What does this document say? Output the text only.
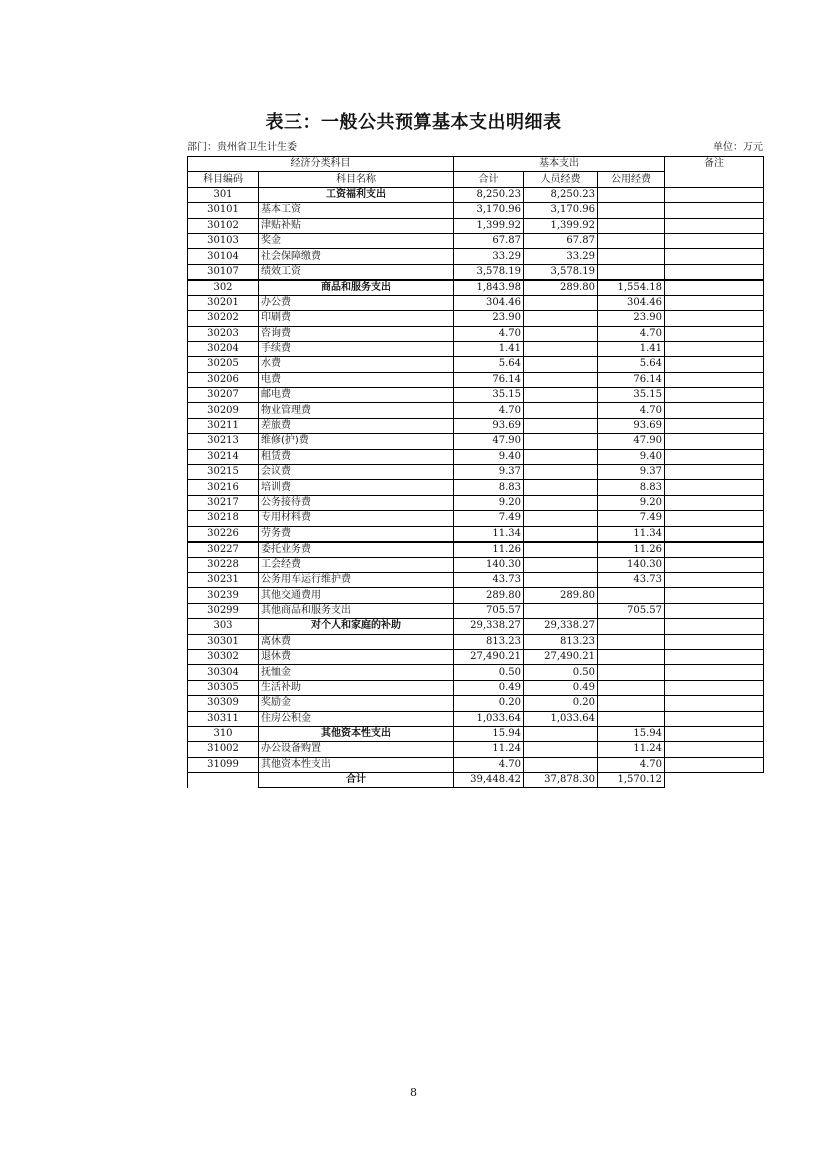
表三：一般公共预算基本支出明细表
部门：贵州省卫生计生委	单位：万元
经济分类科目		基本支出			备注
科目编码	科目名称	合计	人员经费	公用经费	
301	工资福利支出	8,250.23	8,250.23		
30101	基本工资	3,170.96	3,170.96		
30102	津贴补贴	1,399.92	1,399.92		
30103	奖金	67.87	67.87		
30104	社会保障缴费	33.29	33.29		
30107	绩效工资	3,578.19	3,578.19		
302	商品和服务支出	1,843.98	289.80	1,554.18	
30201	办公费	304.46		304.46	
30202	印刷费	23.90		23.90	
30203	咨询费	4.70		4.70	
30204	手续费	1.41		1.41	
30205	水费	5.64		5.64	
30206	电费	76.14		76.14	
30207	邮电费	35.15		35.15	
30209	物业管理费	4.70		4.70	
30211	差旅费	93.69		93.69	
30213	维修(护)费	47.90		47.90	
30214	租赁费	9.40		9.40	
30215	会议费	9.37		9.37	
30216	培训费	8.83		8.83	
30217	公务接待费	9.20		9.20	
30218	专用材料费	7.49		7.49	
30226	劳务费	11.34		11.34	
30227	委托业务费	11.26		11.26	
30228	工会经费	140.30		140.30	
30231	公务用车运行维护费	43.73		43.73	
30239	其他交通费用	289.80	289.80		
30299	其他商品和服务支出	705.57		705.57	
303	对个人和家庭的补助	29,338.27	29,338.27		
30301	离休费	813.23	813.23		
30302	退休费	27,490.21	27,490.21		
30304	抚恤金	0.50	0.50		
30305	生活补助	0.49	0.49		
30309	奖励金	0.20	0.20		
30311	住房公积金	1,033.64	1,033.64		
310	其他资本性支出	15.94		15.94	
31002	办公设备购置	11.24		11.24	
31099	其他资本性支出	4.70		4.70	
	合计	39,448.42	37,878.30	1,570.12	
8
